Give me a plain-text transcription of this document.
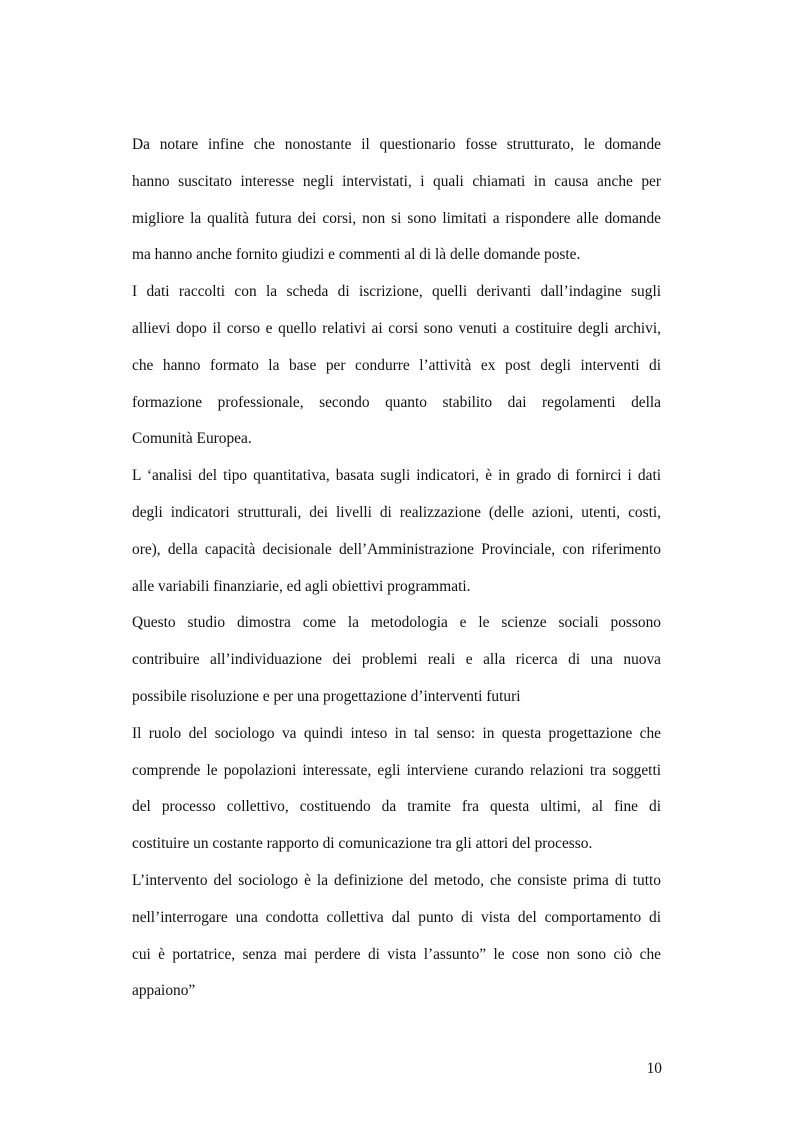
Da notare infine che nonostante il questionario fosse strutturato, le domande
hanno suscitato interesse negli intervistati, i quali chiamati in causa anche per
migliore la qualità futura dei corsi, non si sono limitati a rispondere alle domande
ma hanno anche fornito giudizi e commenti al di là delle domande poste.

I dati raccolti con la scheda di iscrizione, quelli derivanti dall’indagine sugli
allievi dopo il corso e quello relativi ai corsi sono venuti a costituire degli archivi,
che hanno formato la base per condurre l’attività ex post degli interventi di
formazione professionale, secondo quanto stabilito dai regolamenti della
Comunità Europea.

L ‘analisi del tipo quantitativa, basata sugli indicatori, è in grado di fornirci i dati
degli indicatori strutturali, dei livelli di realizzazione (delle azioni, utenti, costi,
ore), della capacità decisionale dell’Amministrazione Provinciale, con riferimento
alle variabili finanziarie, ed agli obiettivi programmati.

Questo studio dimostra come la metodologia e le scienze sociali possono
contribuire all’individuazione dei problemi reali e alla ricerca di una nuova
possibile risoluzione e per una progettazione d’interventi futuri

Il ruolo del sociologo va quindi inteso in tal senso: in questa progettazione che
comprende le popolazioni interessate, egli interviene curando relazioni tra soggetti
del processo collettivo, costituendo da tramite fra questa ultimi, al fine di
costituire un costante rapporto di comunicazione tra gli attori del processo.

L’intervento del sociologo è la definizione del metodo, che consiste prima di tutto
nell’interrogare una condotta collettiva dal punto di vista del comportamento di
cui è portatrice, senza mai perdere di vista l’assunto” le cose non sono ciò che
appaiono”

10
